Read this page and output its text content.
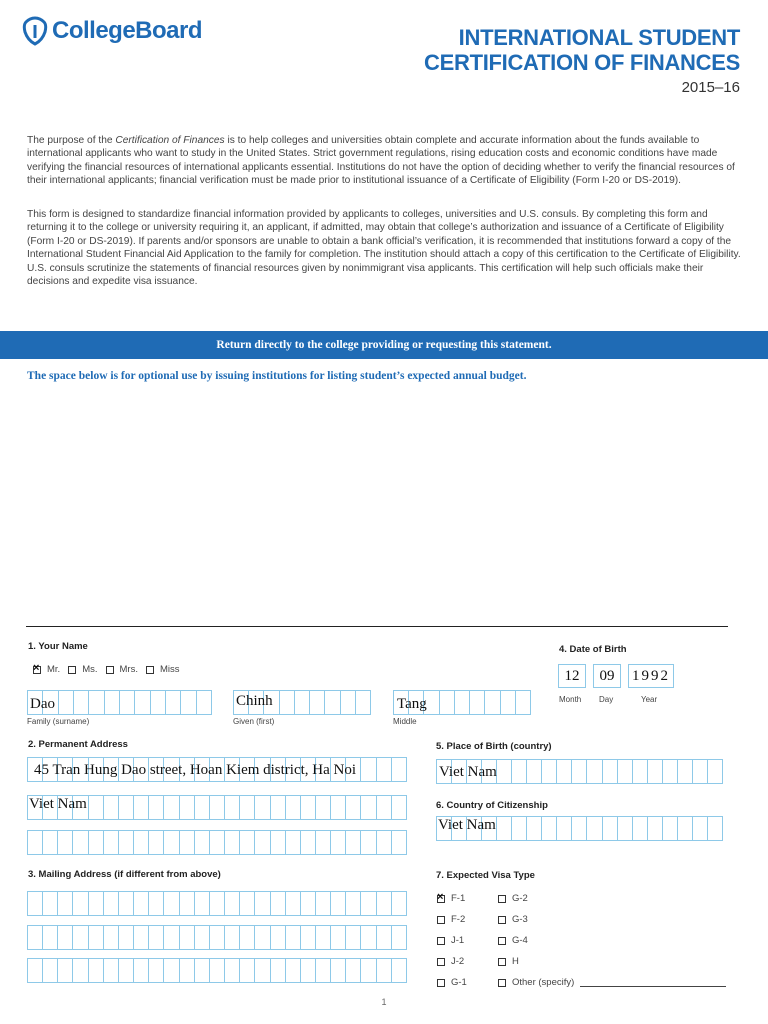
CollegeBoard	INTERNATIONAL STUDENT
CERTIFICATION OF FINANCES
2015–16

The purpose of the Certification of Finances is to help colleges and universities obtain complete and accurate information about the funds available to international applicants who want to study in the United States. Strict government regulations, rising education costs and economic conditions have made verifying the financial resources of international applicants essential. Institutions do not have the option of deciding whether to verify the financial resources of their international applicants; financial verification must be made prior to institutional issuance of a Certificate of Eligibility (Form I-20 or DS-2019).

This form is designed to standardize financial information provided by applicants to colleges, universities and U.S. consuls. By completing this form and returning it to the college or university requiring it, an applicant, if admitted, may obtain that college’s authorization and issuance of a Certificate of Eligibility (Form I-20 or DS-2019). If parents and/or sponsors are unable to obtain a bank official’s verification, it is recommended that institutions forward a copy of the International Student Financial Aid Application to the family for completion. The institution should attach a copy of this certification to the Certificate of Eligibility. U.S. consuls scrutinize the statements of financial resources given by nonimmigrant visa applicants. This certification will help such officials make their decisions and expedite visa issuance.

Return directly to the college providing or requesting this statement.
The space below is for optional use by issuing institutions for listing student’s expected annual budget.
1. Your Name
×
Mr. Ms. Mrs. Miss
Dao
Family (surname)
Chinh
Given (first)
Tang
Middle
4. Date of Birth
12	09	1992
Month Day	Year
2. Permanent Address
45 Tran Hung Dao street, Hoan Kiem district, Ha Noi
Viet Nam
5. Place of Birth (country)
Viet Nam
6. Country of Citizenship
Viet Nam
3. Mailing Address (if different from above)	7. Expected Visa Type
×
F-1
F-2
J-1
J-2
G-1
G-2
G-3
G-4
H
Other (specify)
1
